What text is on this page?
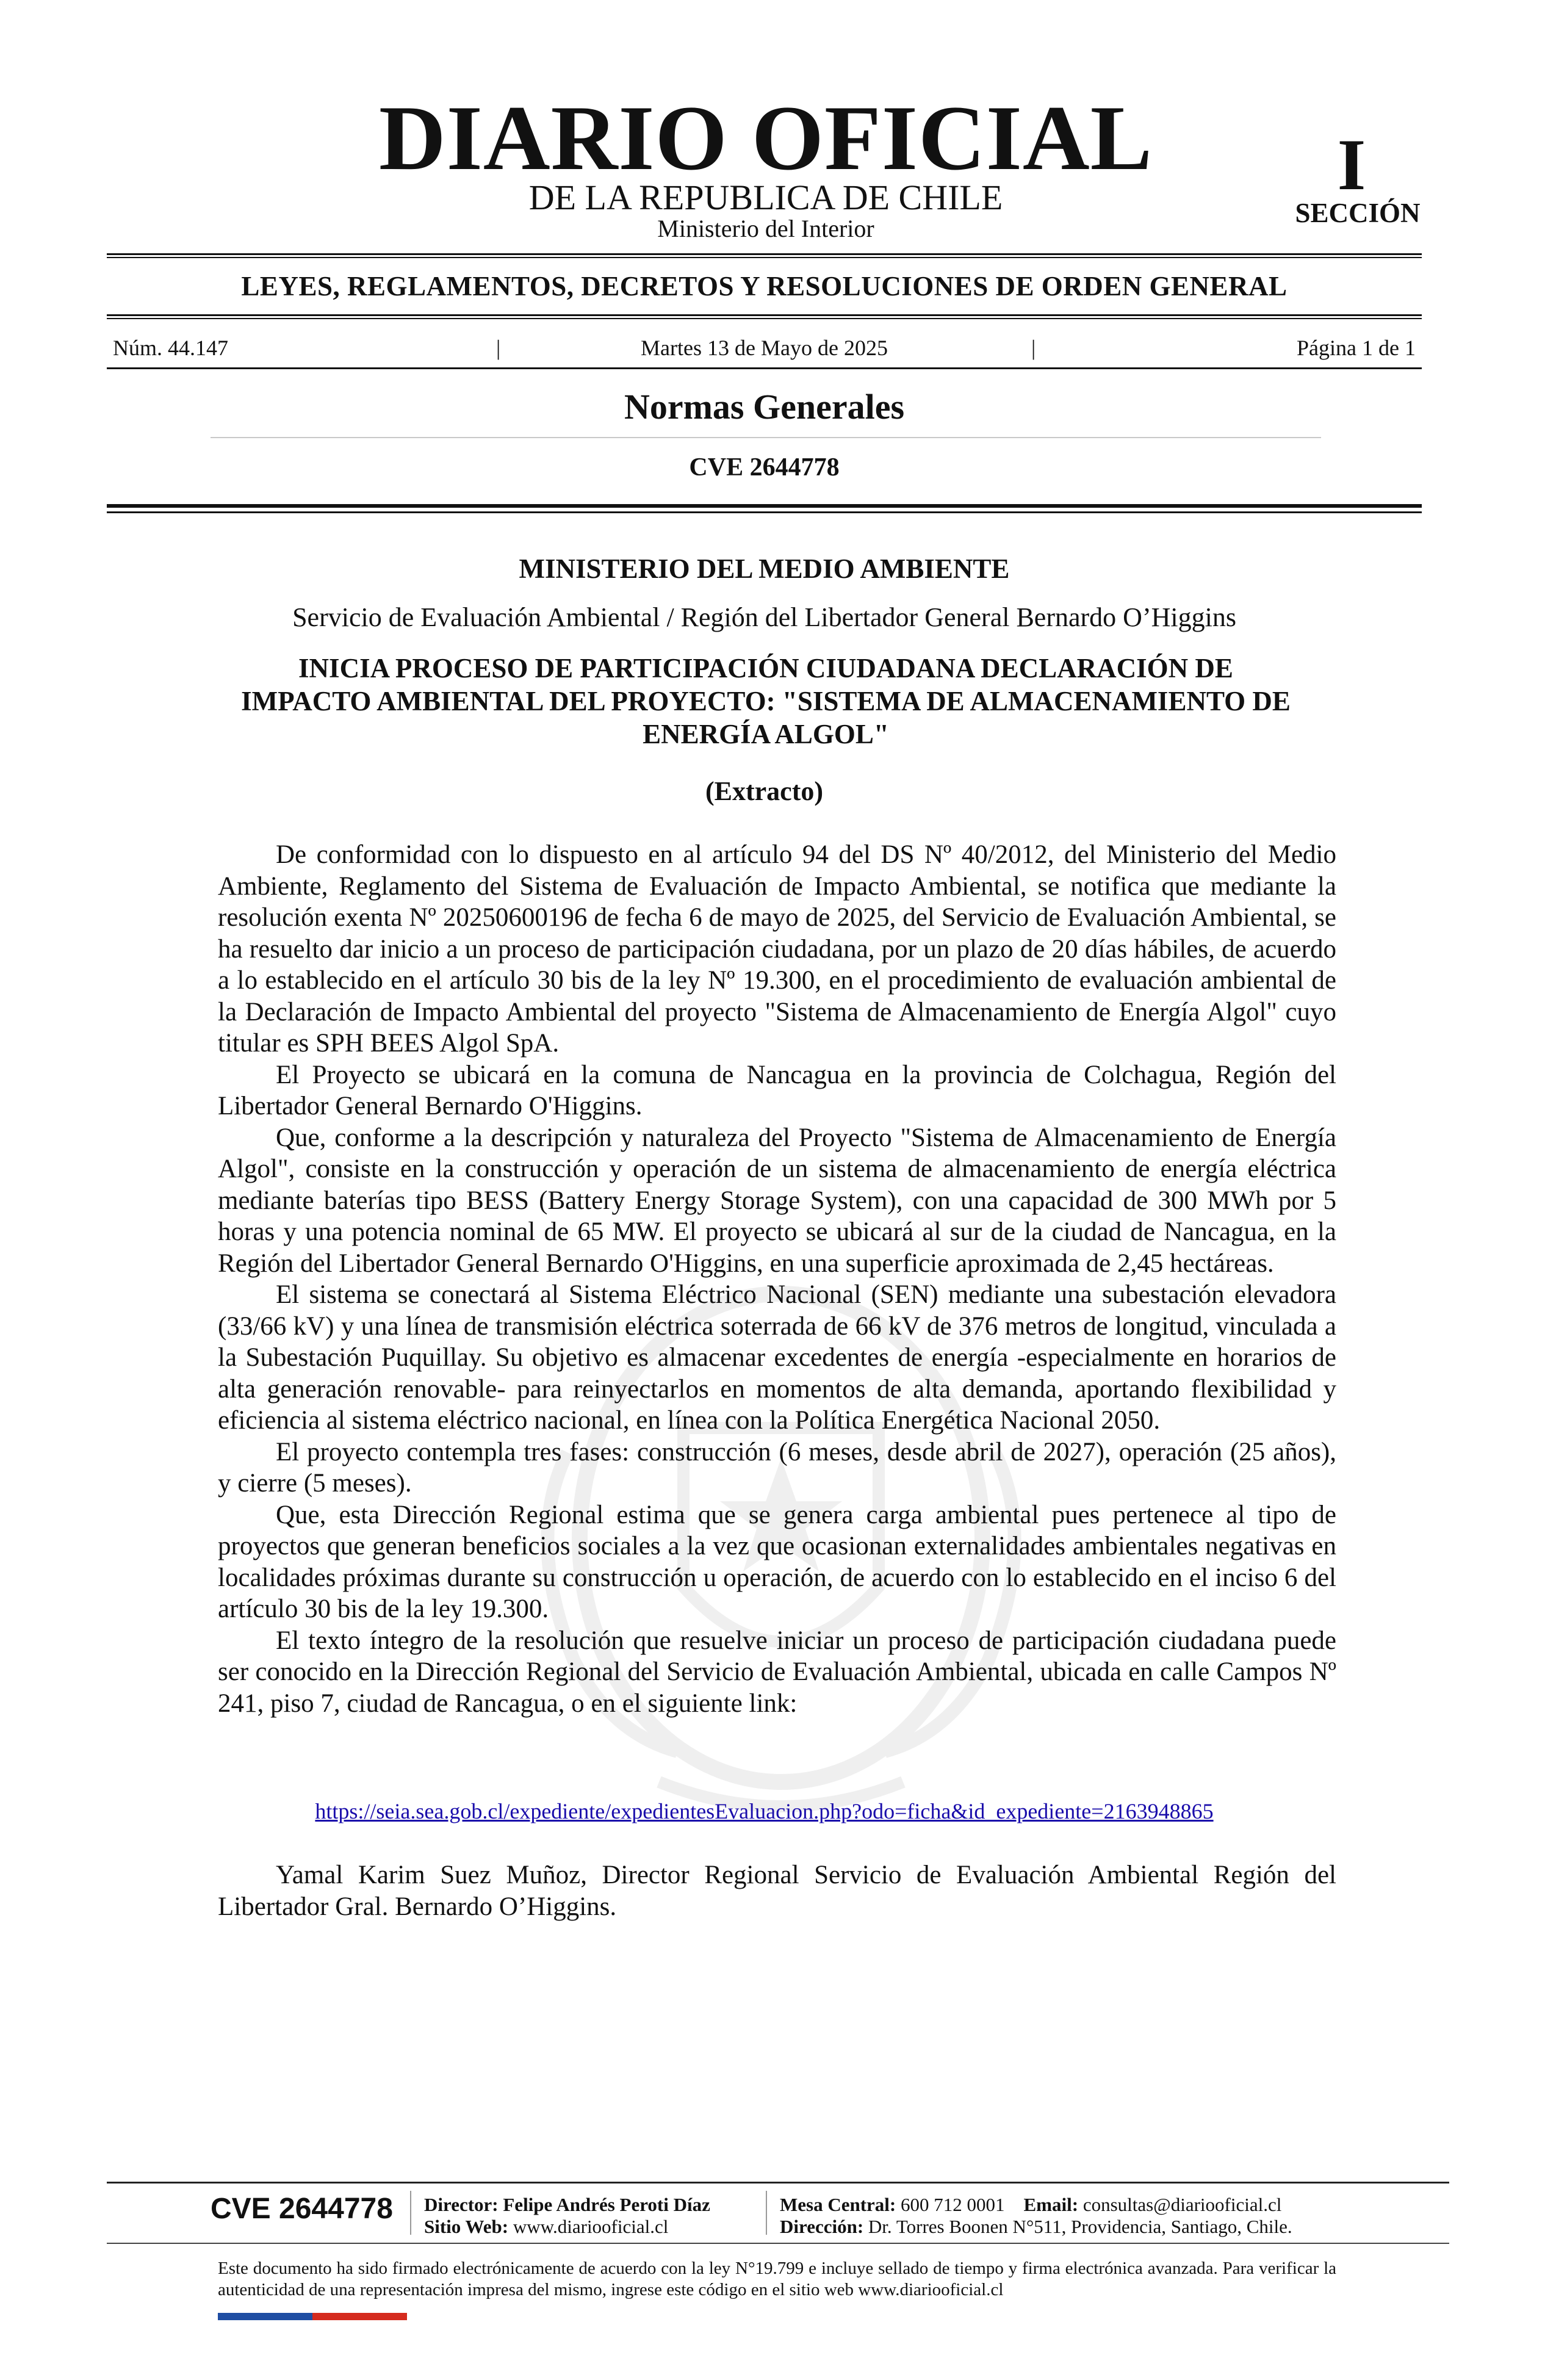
DIARIO OFICIAL
DE LA REPUBLICA DE CHILE
Ministerio del Interior
I
SECCIÓN
LEYES, REGLAMENTOS, DECRETOS Y RESOLUCIONES DE ORDEN GENERAL
Núm. 44.147	|	Martes 13 de Mayo de 2025	|	Página 1 de 1
Normas Generales
CVE 2644778
MINISTERIO DEL MEDIO AMBIENTE
Servicio de Evaluación Ambiental / Región del Libertador General Bernardo O’Higgins
INICIA PROCESO DE PARTICIPACIÓN CIUDADANA DECLARACIÓN DE
IMPACTO AMBIENTAL DEL PROYECTO: "SISTEMA DE ALMACENAMIENTO DE
ENERGÍA ALGOL"
(Extracto)

De conformidad con lo dispuesto en al artículo 94 del DS Nº 40/2012, del Ministerio del Medio Ambiente, Reglamento del Sistema de Evaluación de Impacto Ambiental, se notifica que mediante la resolución exenta Nº 20250600196 de fecha 6 de mayo de 2025, del Servicio de Evaluación Ambiental, se ha resuelto dar inicio a un proceso de participación ciudadana, por un plazo de 20 días hábiles, de acuerdo a lo establecido en el artículo 30 bis de la ley Nº 19.300, en el procedimiento de evaluación ambiental de la Declaración de Impacto Ambiental del proyecto "Sistema de Almacenamiento de Energía Algol" cuyo titular es SPH BEES Algol SpA.

El Proyecto se ubicará en la comuna de Nancagua en la provincia de Colchagua, Región del Libertador General Bernardo O'Higgins.

Que, conforme a la descripción y naturaleza del Proyecto "Sistema de Almacenamiento de Energía Algol", consiste en la construcción y operación de un sistema de almacenamiento de energía eléctrica mediante baterías tipo BESS (Battery Energy Storage System), con una capacidad de 300 MWh por 5 horas y una potencia nominal de 65 MW. El proyecto se ubicará al sur de la ciudad de Nancagua, en la Región del Libertador General Bernardo O'Higgins, en una superficie aproximada de 2,45 hectáreas.

El sistema se conectará al Sistema Eléctrico Nacional (SEN) mediante una subestación elevadora (33/66 kV) y una línea de transmisión eléctrica soterrada de 66 kV de 376 metros de longitud, vinculada a la Subestación Puquillay. Su objetivo es almacenar excedentes de energía -especialmente en horarios de alta generación renovable- para reinyectarlos en momentos de alta demanda, aportando flexibilidad y eficiencia al sistema eléctrico nacional, en línea con la Política Energética Nacional 2050.

El proyecto contempla tres fases: construcción (6 meses, desde abril de 2027), operación (25 años), y cierre (5 meses).

Que, esta Dirección Regional estima que se genera carga ambiental pues pertenece al tipo de proyectos que generan beneficios sociales a la vez que ocasionan externalidades ambientales negativas en localidades próximas durante su construcción u operación, de acuerdo con lo establecido en el inciso 6 del artículo 30 bis de la ley 19.300.

El texto íntegro de la resolución que resuelve iniciar un proceso de participación ciudadana puede ser conocido en la Dirección Regional del Servicio de Evaluación Ambiental, ubicada en calle Campos Nº 241, piso 7, ciudad de Rancagua, o en el siguiente link:

https://seia.sea.gob.cl/expediente/expedientesEvaluacion.php?odo=ficha&id_expediente=2163948865

Yamal Karim Suez Muñoz, Director Regional Servicio de Evaluación Ambiental Región del Libertador Gral. Bernardo O’Higgins.

CVE 2644778 Director: Felipe Andrés Peroti Díaz
Sitio Web: www.diariooficial.cl
Mesa Central: 600 712 0001 Email: consultas@diariooficial.cl
Dirección: Dr. Torres Boonen N°511, Providencia, Santiago, Chile.
Este documento ha sido firmado electrónicamente de acuerdo con la ley N°19.799 e incluye sellado de tiempo y firma electrónica avanzada. Para verificar la autenticidad de una representación impresa del mismo, ingrese este código en el sitio web www.diariooficial.cl
